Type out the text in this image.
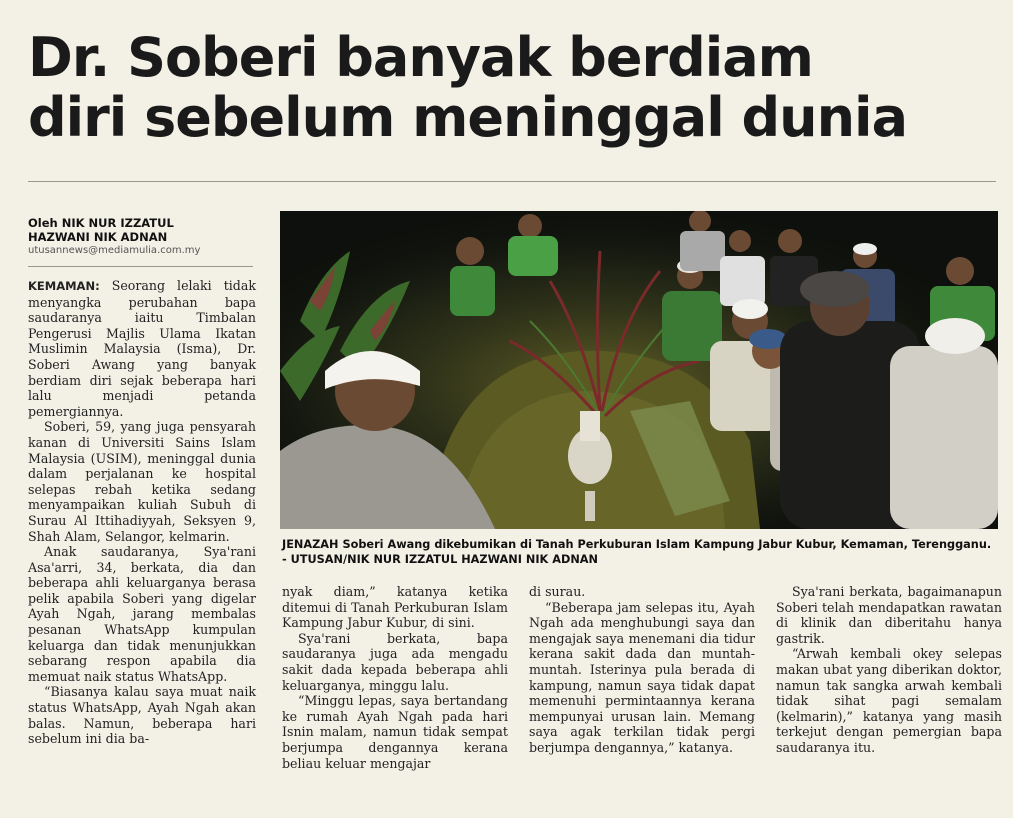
Dr. Soberi banyak berdiam
diri sebelum meninggal dunia
Oleh NIK NUR IZZATUL
HAZWANI NIK ADNAN
utusannews@mediamulia.com.my

KEMAMAN: Seorang lelaki tidak menyangka perubahan bapa saudaranya iaitu Timbalan Pengerusi Majlis Ulama Ikatan Muslimin Malaysia (Isma), Dr. Soberi Awang yang banyak berdiam diri sejak beberapa hari lalu menjadi petanda pemergiannya.

Soberi, 59, yang juga pensyarah kanan di Universiti Sains Islam Malaysia (USIM), meninggal dunia dalam perjalanan ke hospital selepas rebah ketika sedang menyampaikan kuliah Subuh di Surau Al Ittihadiyyah, Seksyen 9, Shah Alam, Selangor, kelmarin.

Anak saudaranya, Sya'rani Asa'arri, 34, berkata, dia dan beberapa ahli keluarganya berasa pelik apabila Soberi yang digelar Ayah Ngah, jarang membalas pesanan WhatsApp kumpulan keluarga dan tidak menunjukkan sebarang respon apabila dia memuat naik status WhatsApp.

“Biasanya kalau saya muat naik status WhatsApp, Ayah Ngah akan balas. Namun, beberapa hari sebelum ini dia ba-

JENAZAH Soberi Awang dikebumikan di Tanah Perkuburan Islam Kampung Jabur Kubur, Kemaman, Terengganu. - UTUSAN/NIK NUR IZZATUL HAZWANI NIK ADNAN

nyak diam,” katanya ketika ditemui di Tanah Perkuburan Islam Kampung Jabur Kubur, di sini.

Sya'rani berkata, bapa saudaranya juga ada mengadu sakit dada kepada beberapa ahli keluarganya, minggu lalu.

“Minggu lepas, saya bertandang ke rumah Ayah Ngah pada hari Isnin malam, namun tidak sempat berjumpa dengannya kerana beliau keluar mengajar

di surau.

“Beberapa jam selepas itu, Ayah Ngah ada menghubungi saya dan mengajak saya menemani dia tidur kerana sakit dada dan muntah-muntah. Isterinya pula berada di kampung, namun saya tidak dapat memenuhi permintaannya kerana mempunyai urusan lain. Memang saya agak terkilan tidak pergi berjumpa dengannya,” katanya.

Sya'rani berkata, bagaimanapun Soberi telah mendapatkan rawatan di klinik dan diberitahu hanya gastrik.

“Arwah kembali okey selepas makan ubat yang diberikan doktor, namun tak sangka arwah kembali tidak sihat pagi semalam (kelmarin),” katanya yang masih terkejut dengan pemergian bapa saudaranya itu.
